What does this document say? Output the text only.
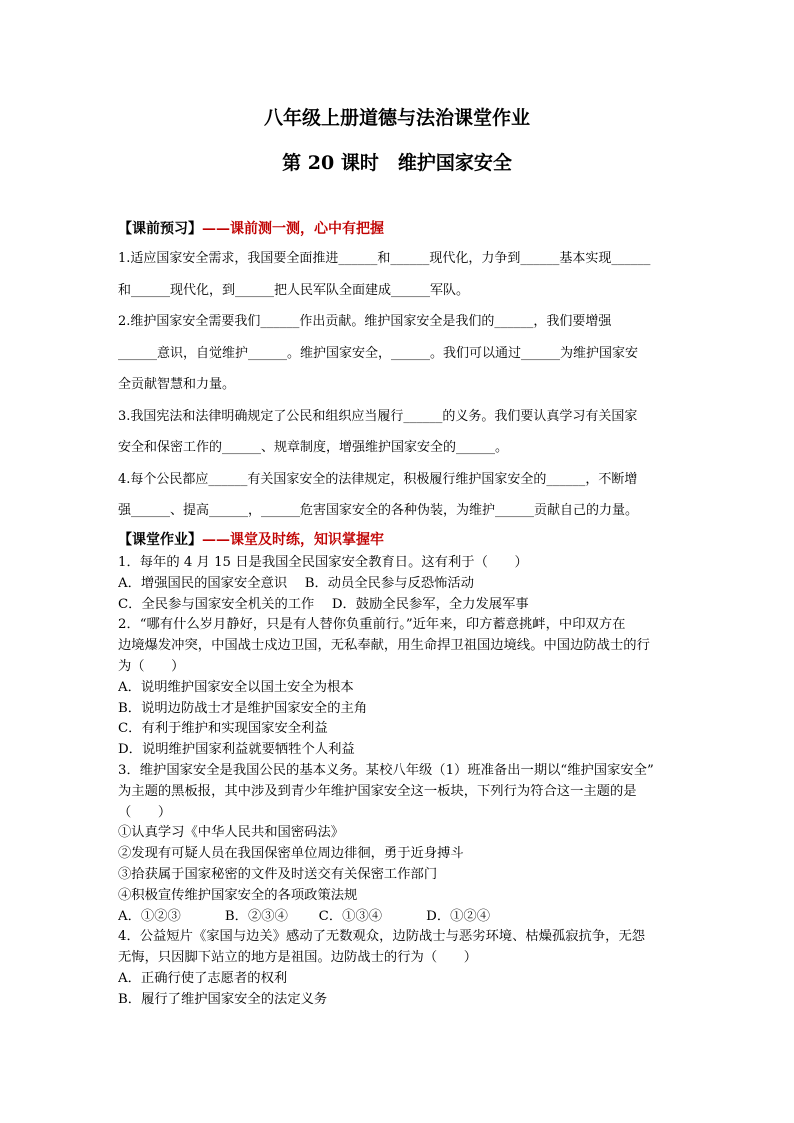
八年级上册道德与法治课堂作业
第 20 课时　维护国家安全
【课前预习】——课前测一测，心中有把握

1.适应国家安全需求，我国要全面推进______和______现代化，力争到______基本实现______

和______现代化，到______把人民军队全面建成______军队。

2.维护国家安全需要我们______作出贡献。维护国家安全是我们的______，我们要增强

______意识，自觉维护______。维护国家安全，______。我们可以通过______为维护国家安

全贡献智慧和力量。

3.我国宪法和法律明确规定了公民和组织应当履行______的义务。我们要认真学习有关国家

安全和保密工作的______、规章制度，增强维护国家安全的______。

4.每个公民都应______有关国家安全的法律规定，积极履行维护国家安全的______，不断增

强______、提高______，______危害国家安全的各种伪装，为维护______贡献自己的力量。

【课堂作业】——课堂及时练，知识掌握牢

1．每年的 4 月 15 日是我国全民国家安全教育日。这有利于（　　）

A．增强国民的国家安全意识　 B．动员全民参与反恐怖活动

C．全民参与国家安全机关的工作　 D．鼓励全民参军，全力发展军事

2．“哪有什么岁月静好，只是有人替你负重前行。”近年来，印方蓄意挑衅，中印双方在

边境爆发冲突，中国战士戍边卫国，无私奉献，用生命捍卫祖国边境线。中国边防战士的行

为（　　）

A．说明维护国家安全以国土安全为根本

B．说明边防战士才是维护国家安全的主角

C．有利于维护和实现国家安全利益

D．说明维护国家利益就要牺牲个人利益

3．维护国家安全是我国公民的基本义务。某校八年级（1）班准备出一期以“维护国家安全”

为主题的黑板报，其中涉及到青少年维护国家安全这一板块，下列行为符合这一主题的是

（　　）

①认真学习《中华人民共和国密码法》

②发现有可疑人员在我国保密单位周边徘徊，勇于近身搏斗

③拾获属于国家秘密的文件及时送交有关保密工作部门

④积极宣传维护国家安全的各项政策法规

A．①②③　　　 B．②③④　　 C．①③④　　　 D．①②④

4．公益短片《家国与边关》感动了无数观众，边防战士与恶劣环境、枯燥孤寂抗争，无怨

无悔，只因脚下站立的地方是祖国。边防战士的行为（　　）

A．正确行使了志愿者的权利

B．履行了维护国家安全的法定义务
